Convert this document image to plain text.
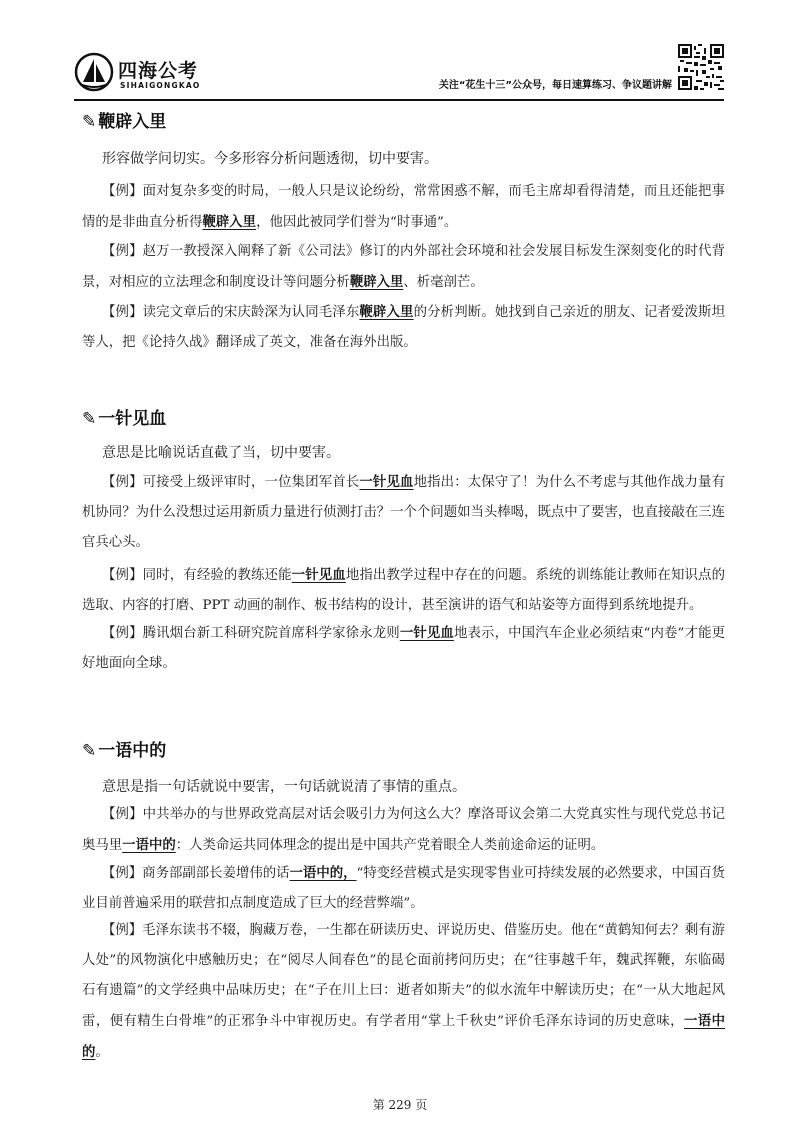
四海公考
SIHAIGONGKAO	关注“花生十三”公众号，每日速算练习、争议题讲解
✎ 鞭辟入里
形容做学问切实。今多形容分析问题透彻，切中要害。
【例】面对复杂多变的时局，一般人只是议论纷纷，常常困惑不解，而毛主席却看得清楚，而且还能把事情的是非曲直分析得鞭辟入里，他因此被同学们誉为“时事通”。
【例】赵万一教授深入阐释了新《公司法》修订的内外部社会环境和社会发展目标发生深刻变化的时代背景，对相应的立法理念和制度设计等问题分析鞭辟入里、析毫剖芒。
【例】读完文章后的宋庆龄深为认同毛泽东鞭辟入里的分析判断。她找到自己亲近的朋友、记者爱泼斯坦等人，把《论持久战》翻译成了英文，准备在海外出版。
✎ 一针见血
意思是比喻说话直截了当，切中要害。
【例】可接受上级评审时，一位集团军首长一针见血地指出：太保守了！为什么不考虑与其他作战力量有机协同？为什么没想过运用新质力量进行侦测打击？一个个问题如当头棒喝，既点中了要害，也直接敲在三连官兵心头。
【例】同时，有经验的教练还能一针见血地指出教学过程中存在的问题。系统的训练能让教师在知识点的选取、内容的打磨、PPT 动画的制作、板书结构的设计，甚至演讲的语气和站姿等方面得到系统地提升。
【例】腾讯烟台新工科研究院首席科学家徐永龙则一针见血地表示，中国汽车企业必须结束“内卷”才能更好地面向全球。
✎ 一语中的
意思是指一句话就说中要害，一句话就说清了事情的重点。
【例】中共举办的与世界政党高层对话会吸引力为何这么大？摩洛哥议会第二大党真实性与现代党总书记奥马里一语中的：人类命运共同体理念的提出是中国共产党着眼全人类前途命运的证明。
【例】商务部副部长姜增伟的话一语中的，“特变经营模式是实现零售业可持续发展的必然要求，中国百货业目前普遍采用的联营扣点制度造成了巨大的经营弊端”。
【例】毛泽东读书不辍，胸藏万卷，一生都在研读历史、评说历史、借鉴历史。他在“黄鹤知何去？剩有游人处”的风物演化中感触历史；在“阅尽人间春色”的昆仑面前拷问历史；在“往事越千年，魏武挥鞭，东临碣石有遗篇”的文学经典中品味历史；在“子在川上曰：逝者如斯夫”的似水流年中解读历史；在“一从大地起风雷，便有精生白骨堆”的正邪争斗中审视历史。有学者用“掌上千秋史”评价毛泽东诗词的历史意味，一语中的。
第 229 页
